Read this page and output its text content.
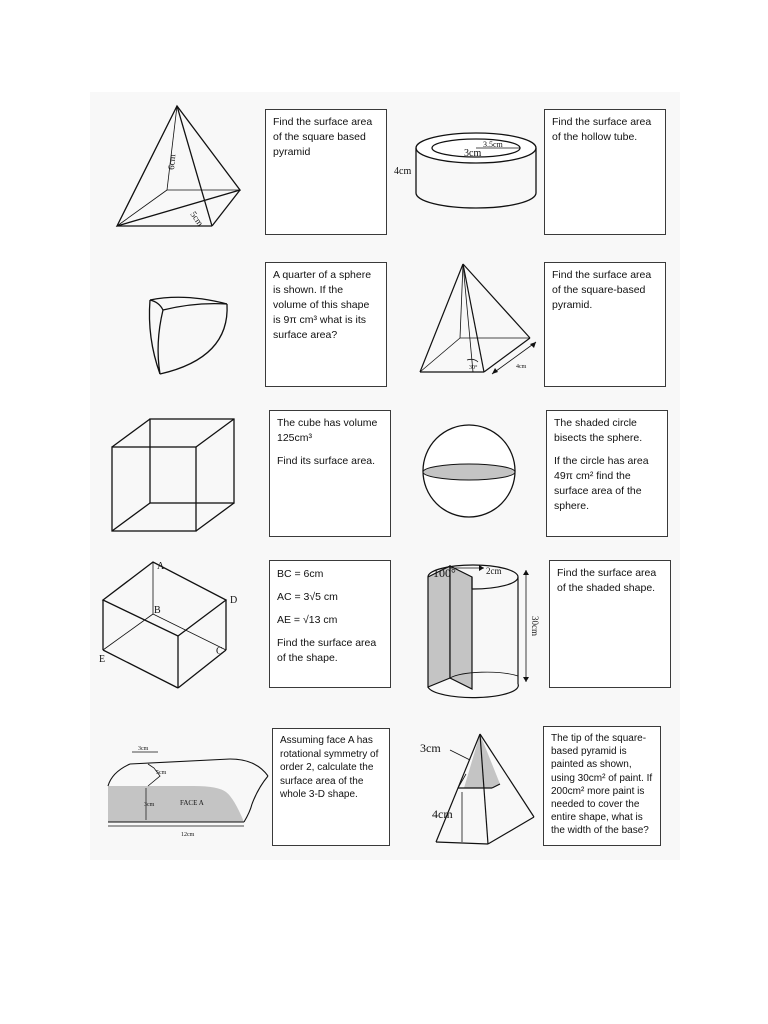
6cm
5cm

Find the surface area of the square based pyramid	3cm
3.5cm
4cm

Find the surface area of the hollow tube.

A quarter of a sphere is shown. If the volume of this shape is 9π cm³ what is its surface area?

30°	4cm

Find the surface area of the square-based pyramid.

The cube has volume 125cm³

Find its surface area.

The shaded circle bisects the sphere.

If the circle has area 49π cm² find the surface area of the sphere.

A
B
C
D
E

BC = 6cm

AC = 3√5 cm

AE = √13 cm

Find the surface area of the shape.

100°	2cm
30cm

Find the surface area of the shaded shape.

3cm
5cm
3cm	FACE A
12cm

Assuming face A has rotational symmetry of order 2, calculate the surface area of the whole 3-D shape.

3cm
4cm

The tip of the square-based pyramid is painted as shown, using 30cm² of paint. If 200cm² more paint is needed to cover the entire shape, what is the width of the base?
